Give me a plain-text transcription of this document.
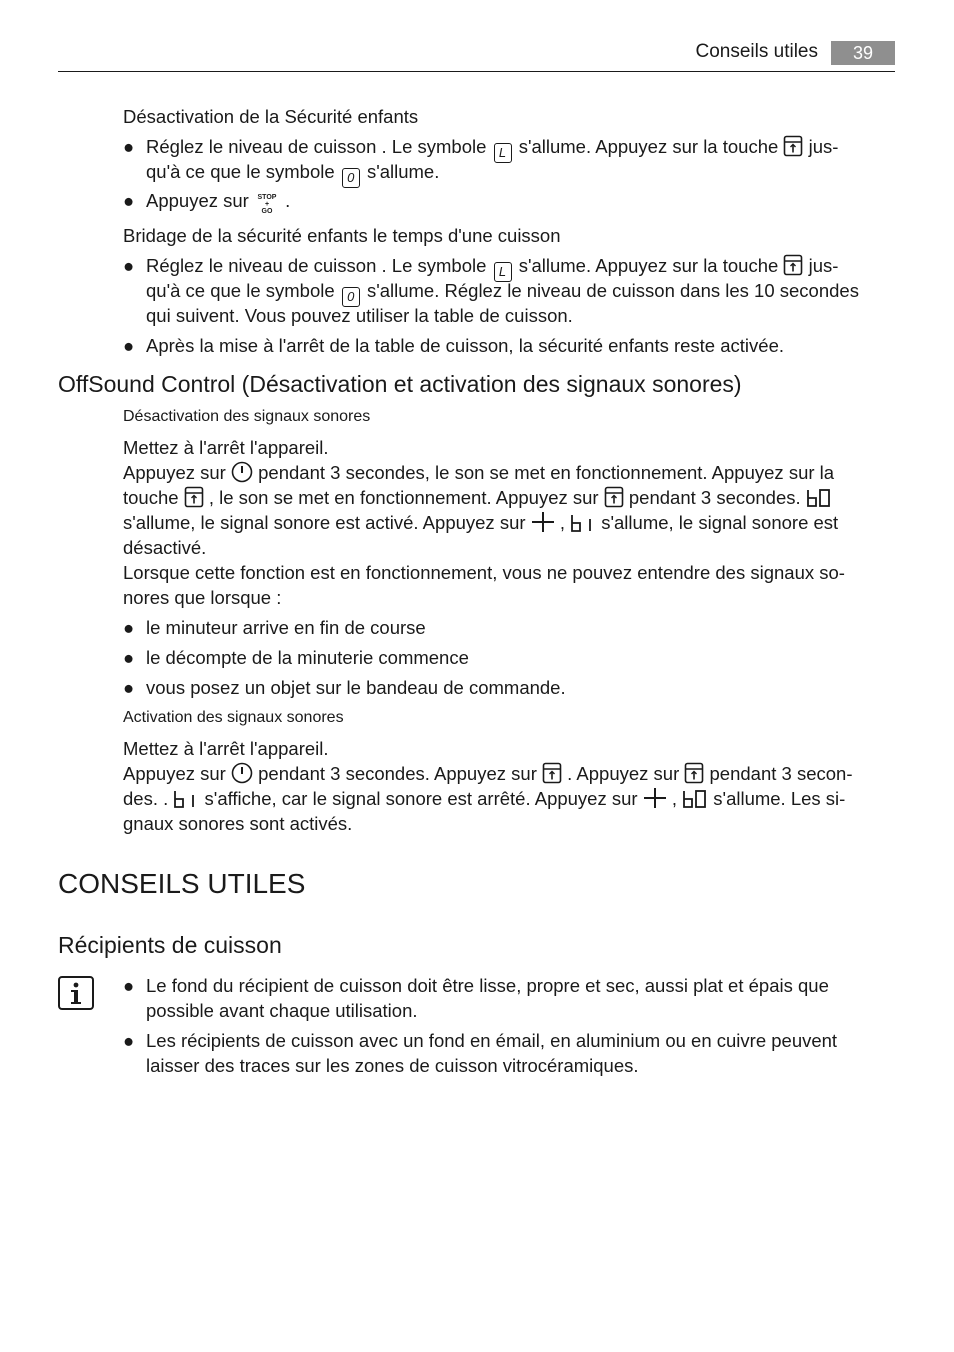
Conseils utiles	39
Désactivation de la Sécurité enfants
● Réglez le niveau de cuisson . Le symbole L s'allume. Appuyez sur la touche jus-
qu'à ce que le symbole 0 s'allume.
● Appuyez sur	STOP
+
GO
.
Bridage de la sécurité enfants le temps d'une cuisson
● Réglez le niveau de cuisson . Le symbole L s'allume. Appuyez sur la touche jus-
qu'à ce que le symbole 0 s'allume. Réglez le niveau de cuisson dans les 10 secondes
qui suivent. Vous pouvez utiliser la table de cuisson.
● Après la mise à l'arrêt de la table de cuisson, la sécurité enfants reste activée.
OffSound Control (Désactivation et activation des signaux sonores)
Désactivation des signaux sonores
Mettez à l'arrêt l'appareil.
Appuyez sur pendant 3 secondes, le son se met en fonctionnement. Appuyez sur la
touche , le son se met en fonctionnement. Appuyez sur pendant 3 secondes.
s'allume, le signal sonore est activé. Appuyez sur , s'allume, le signal sonore est
désactivé.
Lorsque cette fonction est en fonctionnement, vous ne pouvez entendre des signaux so-
nores que lorsque :
● le minuteur arrive en fin de course
● le décompte de la minuterie commence
● vous posez un objet sur le bandeau de commande.
Activation des signaux sonores
Mettez à l'arrêt l'appareil.
Appuyez sur pendant 3 secondes. Appuyez sur . Appuyez sur pendant 3 secon-
des. . s'affiche, car le signal sonore est arrêté. Appuyez sur , s'allume. Les si-
gnaux sonores sont activés.
CONSEILS UTILES
Récipients de cuisson
● Le fond du récipient de cuisson doit être lisse, propre et sec, aussi plat et épais que
possible avant chaque utilisation.
● Les récipients de cuisson avec un fond en émail, en aluminium ou en cuivre peuvent
laisser des traces sur les zones de cuisson vitrocéramiques.
